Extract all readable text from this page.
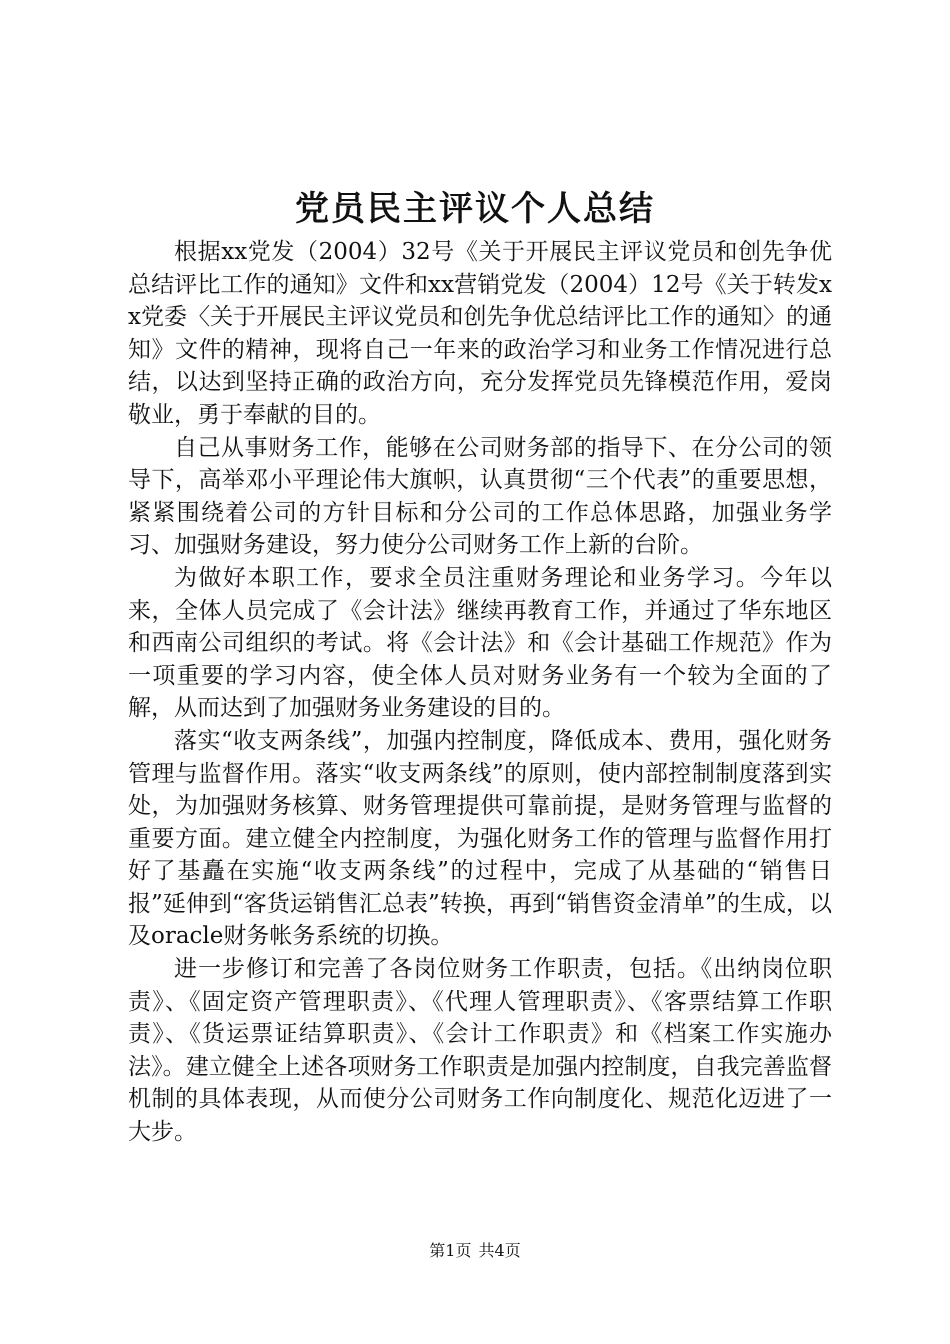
党员民主评议个人总结

根据xx党发（2004）32号《关于开展民主评议党员和创先争优总结评比工作的通知》文件和xx营销党发（2004）12号《关于转发xx党委〈关于开展民主评议党员和创先争优总结评比工作的通知〉的通知》文件的精神，现将自己一年来的政治学习和业务工作情况进行总结，以达到坚持正确的政治方向，充分发挥党员先锋模范作用，爱岗敬业，勇于奉献的目的。

自己从事财务工作，能够在公司财务部的指导下、在分公司的领导下，高举邓小平理论伟大旗帜，认真贯彻“三个代表”的重要思想，紧紧围绕着公司的方针目标和分公司的工作总体思路，加强业务学习、加强财务建设，努力使分公司财务工作上新的台阶。

为做好本职工作，要求全员注重财务理论和业务学习。今年以来，全体人员完成了《会计法》继续再教育工作，并通过了华东地区和西南公司组织的考试。将《会计法》和《会计基础工作规范》作为一项重要的学习内容，使全体人员对财务业务有一个较为全面的了解，从而达到了加强财务业务建设的目的。

落实“收支两条线”，加强内控制度，降低成本、费用，强化财务管理与监督作用。落实“收支两条线”的原则，使内部控制制度落到实处，为加强财务核算、财务管理提供可靠前提，是财务管理与监督的重要方面。建立健全内控制度，为强化财务工作的管理与监督作用打好了基矗在实施“收支两条线”的过程中，完成了从基础的“销售日报”延伸到“客货运销售汇总表”转换，再到“销售资金清单”的生成，以及oracle财务帐务系统的切换。

进一步修订和完善了各岗位财务工作职责，包括。《出纳岗位职责》、《固定资产管理职责》、《代理人管理职责》、《客票结算工作职责》、《货运票证结算职责》、《会计工作职责》和《档案工作实施办法》。建立健全上述各项财务工作职责是加强内控制度，自我完善监督机制的具体表现，从而使分公司财务工作向制度化、规范化迈进了一大步。

第1页 共4页
